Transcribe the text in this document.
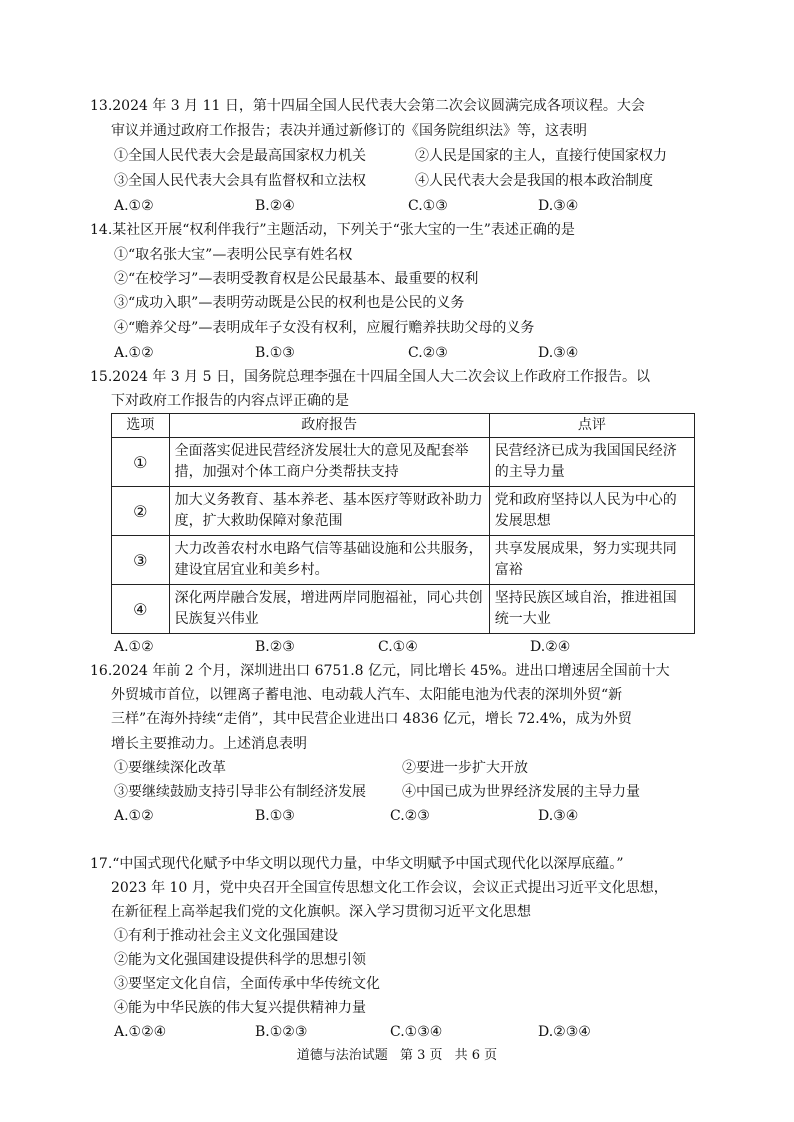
13.2024 年 3 月 11 日，第十四届全国人民代表大会第二次会议圆满完成各项议程。大会
审议并通过政府工作报告；表决并通过新修订的《国务院组织法》等，这表明
①全国人民代表大会是最高国家权力机关	②人民是国家的主人，直接行使国家权力
③全国人民代表大会具有监督权和立法权	④人民代表大会是我国的根本政治制度
A.①②	B.②④	C.①③	D.③④
14.某社区开展“权利伴我行”主题活动，下列关于“张大宝的一生”表述正确的是
①“取名张大宝”—表明公民享有姓名权
②“在校学习”—表明受教育权是公民最基本、最重要的权利
③“成功入职”—表明劳动既是公民的权利也是公民的义务
④“赡养父母”—表明成年子女没有权利，应履行赡养扶助父母的义务
A.①②	B.①③	C.②③	D.③④
15.2024 年 3 月 5 日，国务院总理李强在十四届全国人大二次会议上作政府工作报告。以
下对政府工作报告的内容点评正确的是
选项	政府报告	点评
①	全面落实促进民营经济发展壮大的意见及配套举措，加强对个体工商户分类帮扶支持	民营经济已成为我国国民经济的主导力量
②	加大义务教育、基本养老、基本医疗等财政补助力度，扩大救助保障对象范围	党和政府坚持以人民为中心的发展思想
③	大力改善农村水电路气信等基础设施和公共服务，建设宜居宜业和美乡村。	共享发展成果，努力实现共同富裕
④	深化两岸融合发展，增进两岸同胞福祉，同心共创民族复兴伟业	坚持民族区域自治，推进祖国统一大业
A.①②	B.②③	C.①④	D.②④
16.2024 年前 2 个月，深圳进出口 6751.8 亿元，同比增长 45%。进出口增速居全国前十大
外贸城市首位，以锂离子蓄电池、电动载人汽车、太阳能电池为代表的深圳外贸“新
三样”在海外持续“走俏”，其中民营企业进出口 4836 亿元，增长 72.4%，成为外贸
增长主要推动力。上述消息表明
①要继续深化改革	②要进一步扩大开放
③要继续鼓励支持引导非公有制经济发展	④中国已成为世界经济发展的主导力量
A.①②	B.①③	C.②③	D.③④
17.“中国式现代化赋予中华文明以现代力量，中华文明赋予中国式现代化以深厚底蕴。”
2023 年 10 月，党中央召开全国宣传思想文化工作会议，会议正式提出习近平文化思想，
在新征程上高举起我们党的文化旗帜。深入学习贯彻习近平文化思想
①有利于推动社会主义文化强国建设
②能为文化强国建设提供科学的思想引领
③要坚定文化自信，全面传承中华传统文化
④能为中华民族的伟大复兴提供精神力量
A.①②④	B.①②③	C.①③④	D.②③④
道德与法治试题 第 3 页 共 6 页
